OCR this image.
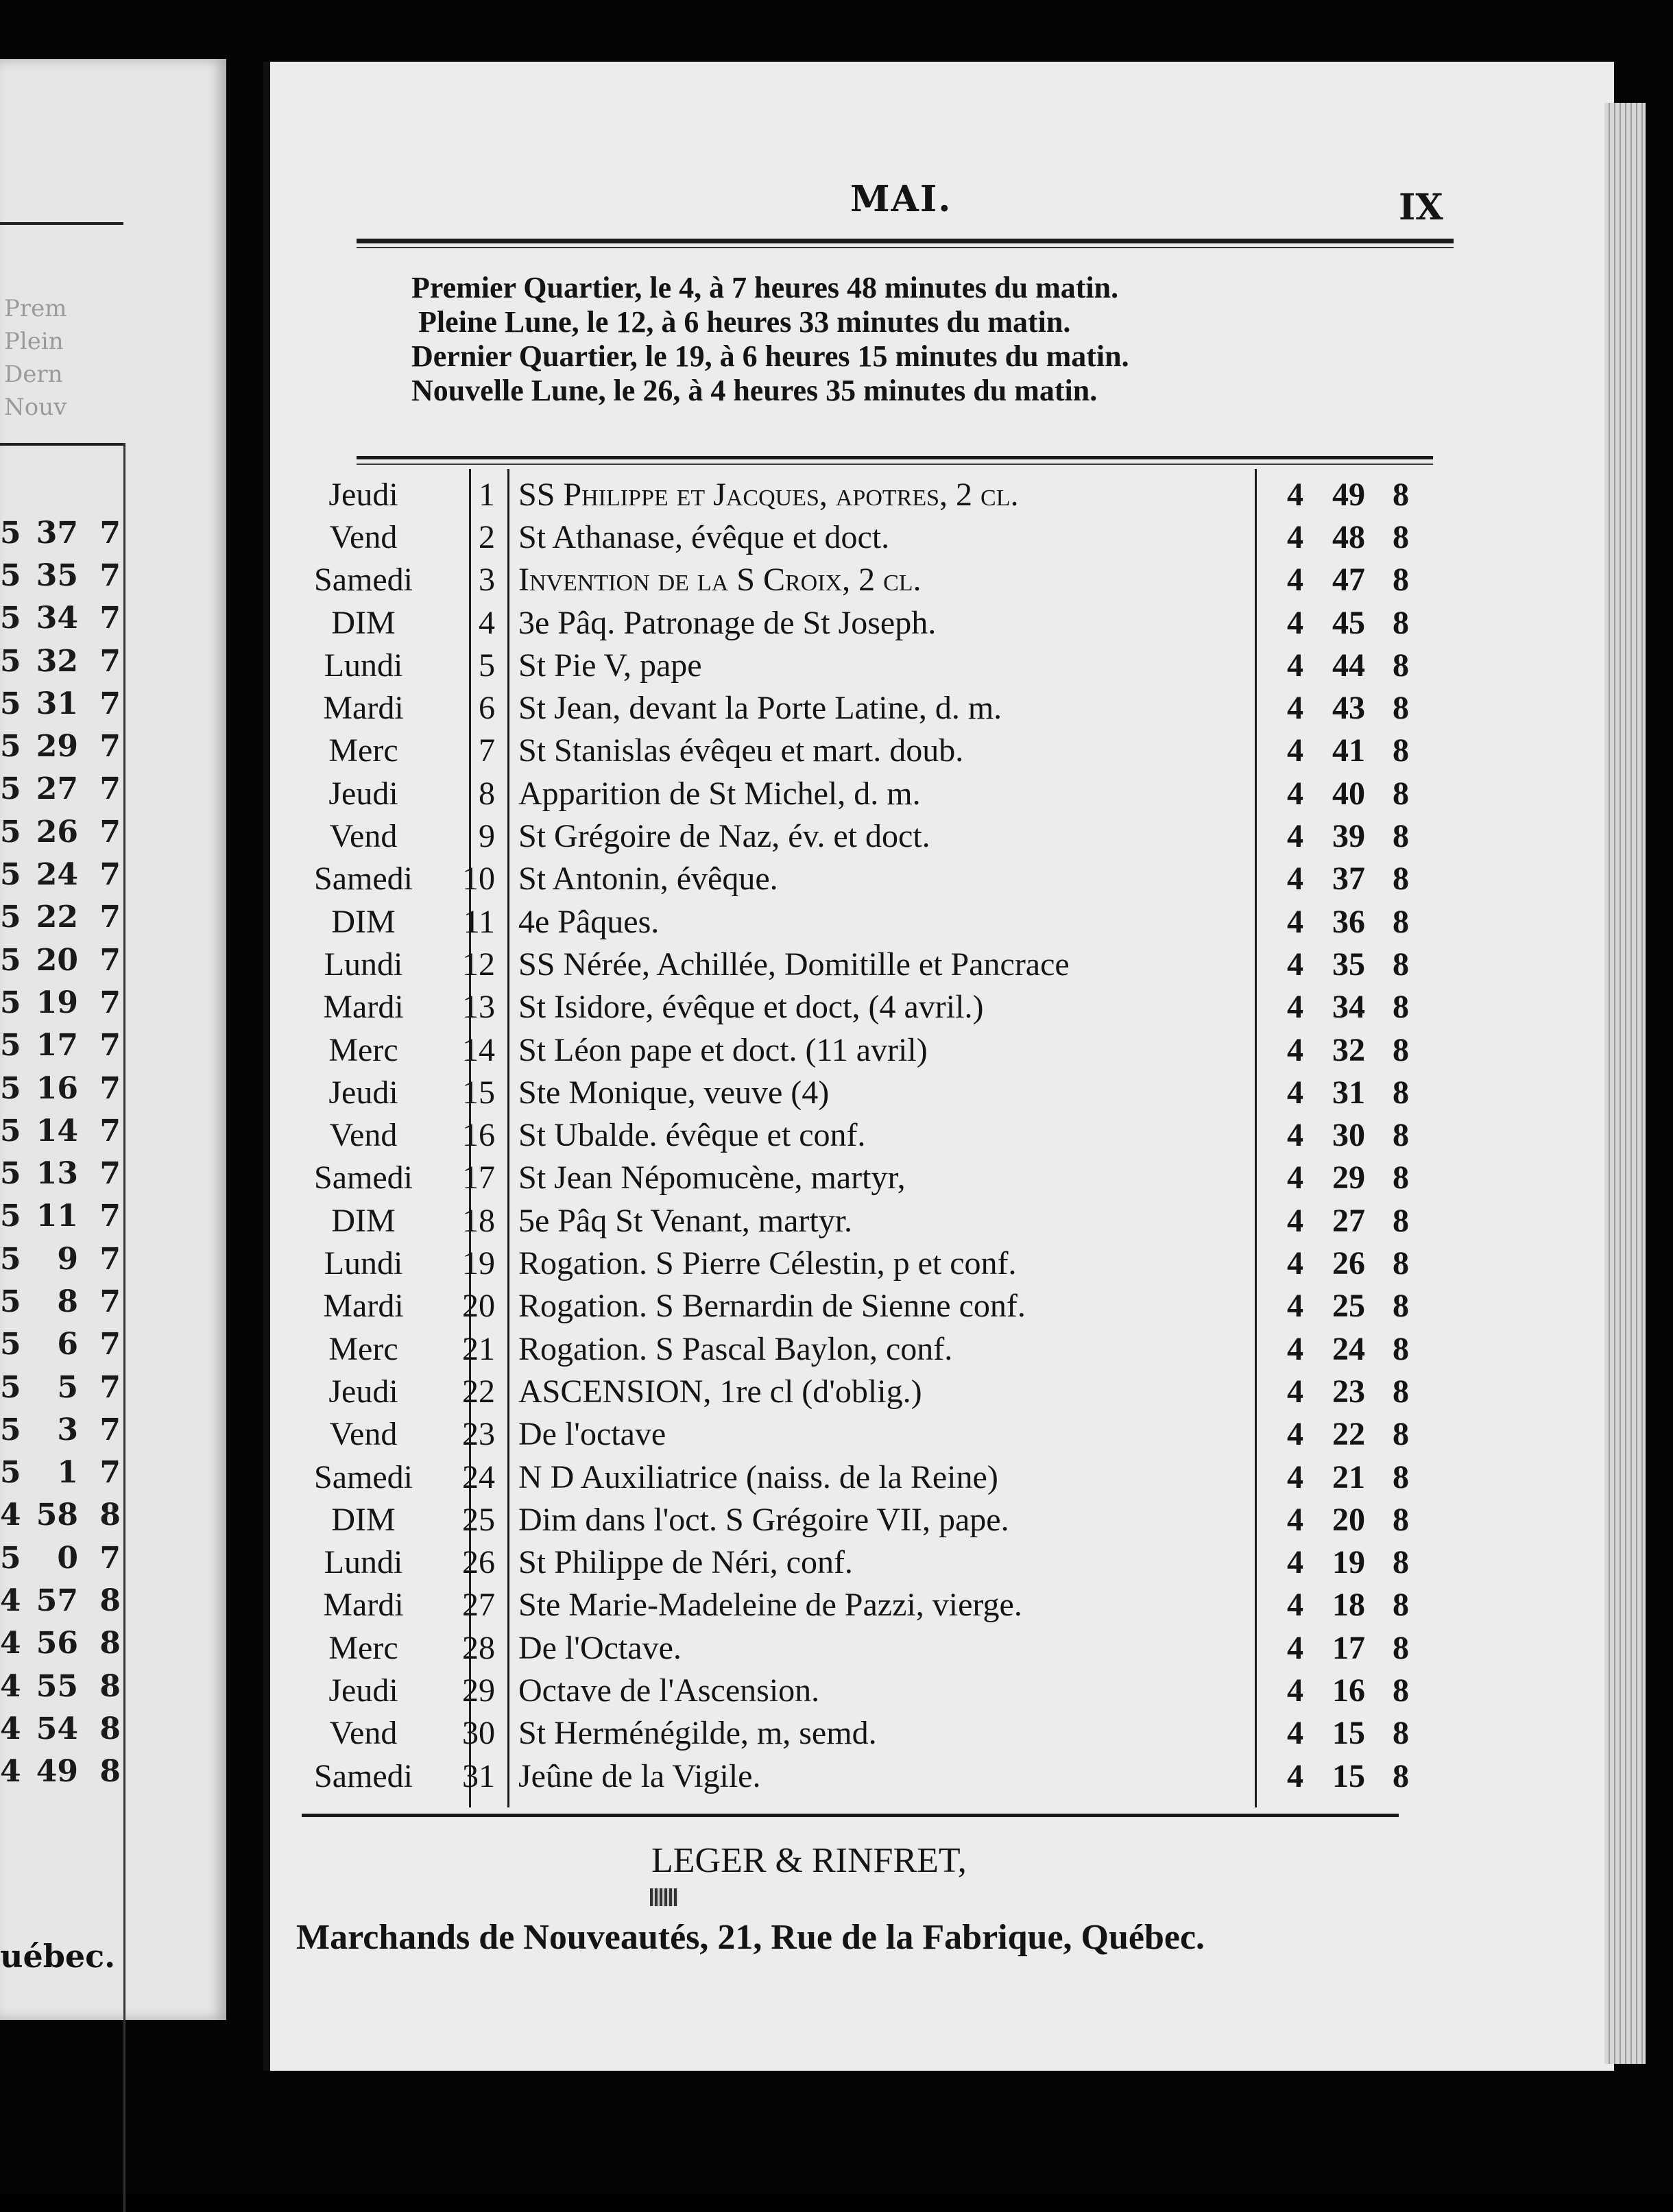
Prem
Plein
Dern
Nouv
5 37 7
5 35 7
5 34 7
5 32 7
5 31 7
5 29 7
5 27 7
5 26 7
5 24 7
5 22 7
5 20 7
5 19 7
5 17 7
5 16 7
5 14 7
5 13 7
5 11 7
5	9 7
5	8 7
5	6 7
5	5 7
5	3 7
5	1 7
4 58 8
5	0 7
4 57 8
4 56 8
4 55 8
4 54 8
4 49 8
uébec.
MAI.	IX
Premier Quartier, le 4, à 7 heures 48 minutes du matin.
Pleine Lune, le 12, à 6 heures 33 minutes du matin.
Dernier Quartier, le 19, à 6 heures 15 minutes du matin.
Nouvelle Lune, le 26, à 4 heures 35 minutes du matin.
Jeudi	1 SS Philippe et Jacques, apotres, 2 cl.	4 49 8
Vend	2 St Athanase, évêque et doct.	4 48 8
Samedi	3 Invention de la S Croix, 2 cl.	4 47 8
DIM	4 3e Pâq. Patronage de St Joseph.	4 45 8
Lundi	5 St Pie V, pape	4 44 8
Mardi	6 St Jean, devant la Porte Latine, d. m.	4 43 8
Merc	7 St Stanislas évêqeu et mart. doub.	4 41 8
Jeudi	8 Apparition de St Michel, d. m.	4 40 8
Vend	9 St Grégoire de Naz, év. et doct.	4 39 8
Samedi	10 St Antonin, évêque.	4 37 8
DIM	11 4e Pâques.	4 36 8
Lundi	12 SS Nérée, Achillée, Domitille et Pancrace	4 35 8
Mardi	13 St Isidore, évêque et doct, (4 avril.)	4 34 8
Merc	14 St Léon pape et doct. (11 avril)	4 32 8
Jeudi	15 Ste Monique, veuve (4)	4 31 8
Vend	16 St Ubalde. évêque et conf.	4 30 8
Samedi	17 St Jean Népomucène, martyr,	4 29 8
DIM	18 5e Pâq St Venant, martyr.	4 27 8
Lundi	19 Rogation. S Pierre Célestin, p et conf.	4 26 8
Mardi	20 Rogation. S Bernardin de Sienne conf.	4 25 8
Merc	21 Rogation. S Pascal Baylon, conf.	4 24 8
Jeudi	22 ASCENSION, 1re cl (d'oblig.)	4 23 8
Vend	23 De l'octave	4 22 8
Samedi	24 N D Auxiliatrice (naiss. de la Reine)	4 21 8
DIM	25 Dim dans l'oct. S Grégoire VII, pape.	4 20 8
Lundi	26 St Philippe de Néri, conf.	4 19 8
Mardi	27 Ste Marie-Madeleine de Pazzi, vierge.	4 18 8
Merc	28 De l'Octave.	4 17 8
Jeudi	29 Octave de l'Ascension.	4 16 8
Vend	30 St Herménégilde, m, semd.	4 15 8
Samedi	31 Jeûne de la Vigile.	4 15 8
LEGER & RINFRET,
Marchands de Nouveautés, 21, Rue de la Fabrique, Québec.
